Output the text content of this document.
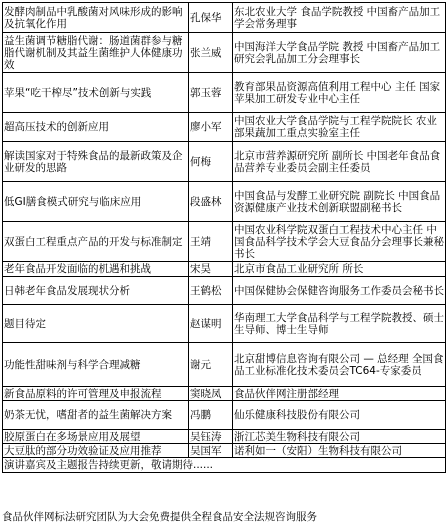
发酵肉制品中乳酸菌对风味形成的影响及抗氧化作用	孔保华	东北农业大学 食品学院教授 中国畜产品加工学会常务理事
益生菌调节糖脂代谢：肠道菌群参与糖脂代谢机制及其益生菌维护人体健康功效	张兰威	中国海洋大学食品学院 教授 中国畜产品加工研究会乳品加工分会理事长
苹果“吃干榨尽”技术创新与实践	郭玉蓉	教育部果品资源高值利用工程中心 主任 国家苹果加工研发专业中心主任
超高压技术的创新应用	廖小军	中国农业大学食品学院与工程学院院长 农业部果蔬加工重点实验室主任
解读国家对于特殊食品的最新政策及企业研发的思路	何梅	北京市营养源研究所 副所长 中国老年食品食品营养专业委员会副主任委员
低GI膳食模式研究与临床应用	段盛林	中国食品与发酵工业研究院 副院长 中国食品资源健康产业技术创新联盟副秘书长
双蛋白工程重点产品的开发与标准制定	王靖	中国农业科学院双蛋白工程技术中心主任 中国食品科学技术学会大豆食品分会理事长兼秘书长
老年食品开发面临的机遇和挑战	宋昊	北京市食品工业研究所 所长
日韩老年食品发展现状分析	王鹤松	中国保健协会保健咨询服务工作委员会秘书长
题目待定	赵谋明	华南理工大学食品科学与工程学院教授、硕士生导师、博士生导师
功能性甜味剂与科学合理减糖	谢元	北京甜博信息咨询有限公司 — 总经理 全国食品工业标准化技术委员会TC64-专家委员
新食品原料的许可管理及申报流程	窦晓凤	食品伙伴网注册部经理
奶茶无忧，嗜甜者的益生菌解决方案	冯鹏	仙乐健康科技股份有限公司
胶原蛋白在多场景应用及展望	吴钰涛	浙江芯美生物科技有限公司
大豆肽的部分功效验证及应用推荐	吴国军	诺利如一（安阳）生物科技有限公司
演讲嘉宾及主题报告持续更新，敬请期待......		
食品伙伴网标法研究团队为大会免费提供全程食品安全法规咨询服务
